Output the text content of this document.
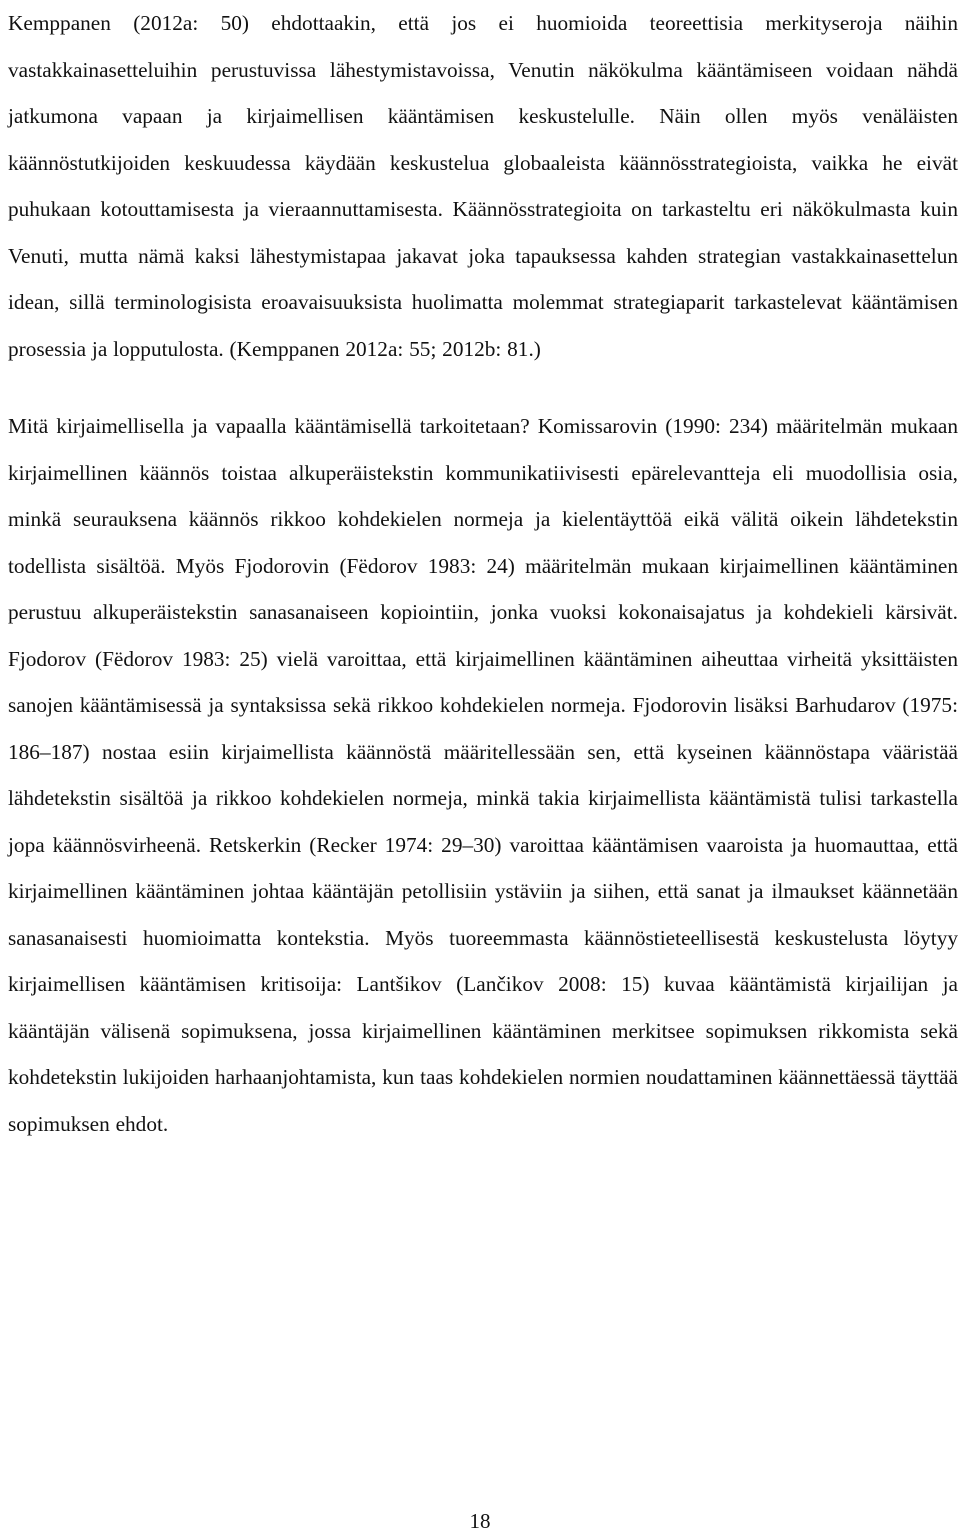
Kemppanen (2012a: 50) ehdottaakin, että jos ei huomioida teoreettisia merkityseroja näihin vastakkainasetteluihin perustuvissa lähestymistavoissa, Venutin näkökulma kääntämiseen voidaan nähdä jatkumona vapaan ja kirjaimellisen kääntämisen keskustelulle. Näin ollen myös venäläisten käännöstutkijoiden keskuudessa käydään keskustelua globaaleista käännösstrategioista, vaikka he eivät puhukaan kotouttamisesta ja vieraannuttamisesta. Käännösstrategioita on tarkasteltu eri näkökulmasta kuin Venuti, mutta nämä kaksi lähestymistapaa jakavat joka tapauksessa kahden strategian vastakkainasettelun idean, sillä terminologisista eroavaisuuksista huolimatta molemmat strategiaparit tarkastelevat kääntämisen prosessia ja lopputulosta. (Kemppanen 2012a: 55; 2012b: 81.)

Mitä kirjaimellisella ja vapaalla kääntämisellä tarkoitetaan? Komissarovin (1990: 234) määritelmän mukaan kirjaimellinen käännös toistaa alkuperäistekstin kommunikatiivisesti epärelevantteja eli muodollisia osia, minkä seurauksena käännös rikkoo kohdekielen normeja ja kielentäyttöä eikä välitä oikein lähdetekstin todellista sisältöä. Myös Fjodorovin (Fëdorov 1983: 24) määritelmän mukaan kirjaimellinen kääntäminen perustuu alkuperäistekstin sanasanaiseen kopiointiin, jonka vuoksi kokonaisajatus ja kohdekieli kärsivät. Fjodorov (Fëdorov 1983: 25) vielä varoittaa, että kirjaimellinen kääntäminen aiheuttaa virheitä yksittäisten sanojen kääntämisessä ja syntaksissa sekä rikkoo kohdekielen normeja. Fjodorovin lisäksi Barhudarov (1975: 186–187) nostaa esiin kirjaimellista käännöstä määritellessään sen, että kyseinen käännöstapa vääristää lähdetekstin sisältöä ja rikkoo kohdekielen normeja, minkä takia kirjaimellista kääntämistä tulisi tarkastella jopa käännösvirheenä. Retskerkin (Recker 1974: 29–30) varoittaa kääntämisen vaaroista ja huomauttaa, että kirjaimellinen kääntäminen johtaa kääntäjän petollisiin ystäviin ja siihen, että sanat ja ilmaukset käännetään sanasanaisesti huomioimatta kontekstia. Myös tuoreemmasta käännöstieteellisestä keskustelusta löytyy kirjaimellisen kääntämisen kritisoija: Lantšikov (Lančikov 2008: 15) kuvaa kääntämistä kirjailijan ja kääntäjän välisenä sopimuksena, jossa kirjaimellinen kääntäminen merkitsee sopimuksen rikkomista sekä kohdetekstin lukijoiden harhaanjohtamista, kun taas kohdekielen normien noudattaminen käännettäessä täyttää sopimuksen ehdot.

18
